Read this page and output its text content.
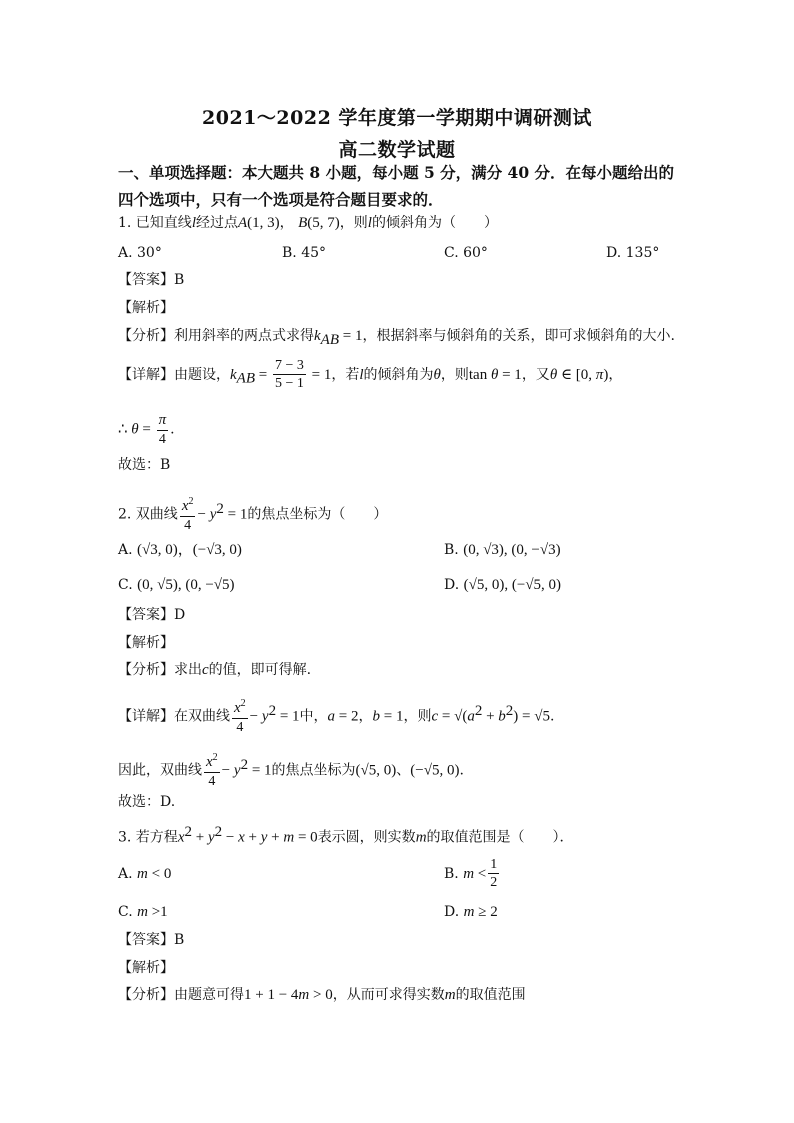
2021～2022 学年度第一学期期中调研测试
高二数学试题
一、单项选择题：本大题共 8 小题，每小题 5 分，满分 40 分．在每小题给出的
四个选项中，只有一个选项是符合题目要求的．
1. 已知直线l经过点A(1, 3)， B(5, 7)，则l的倾斜角为（　　）
A. 30°	B. 45°	C. 60°	D. 135°
【答案】B
【解析】
【分析】利用斜率的两点式求得$k_{AB} = 1$，根据斜率与倾斜角的关系，即可求倾斜角的大小.
【详解】由题设，$k_{AB} = \frac{7 - 3}{5 - 1} = 1$，若l的倾斜角为θ，则tan θ = 1，又θ ∈ [0, π)，
∴ $\theta = \frac{\pi}{4}$ .
故选：B
2. 双曲线 $\frac{x^2}{4} - y^2 = 1$的焦点坐标为（　　）
A. (√3, 0)，(−√3, 0)	B. (0, √3), (0, −√3)
C. (0, √5), (0, −√5)	D. (√5, 0), (−√5, 0)
【答案】D
【解析】
【分析】求出c的值，即可得解.
【详解】在双曲线 $\frac{x^2}{4} - y^2 = 1$中，a = 2，b = 1，则$c = √(a^2 + b^2) = √5$.
因此，双曲线 $\frac{x^2}{4} - y^2 = 1$的焦点坐标为(√5, 0)、(−√5, 0).
故选：D.
3. 若方程$x^2 + y^2 - x + y + m = 0$表示圆，则实数m的取值范围是（　　）．
A. m < 0	B. $m < \frac{1}{2}$
C. m >1	D. m ≥ 2
【答案】B
【解析】
【分析】由题意可得1 + 1 − 4m > 0，从而可求得实数m的取值范围
